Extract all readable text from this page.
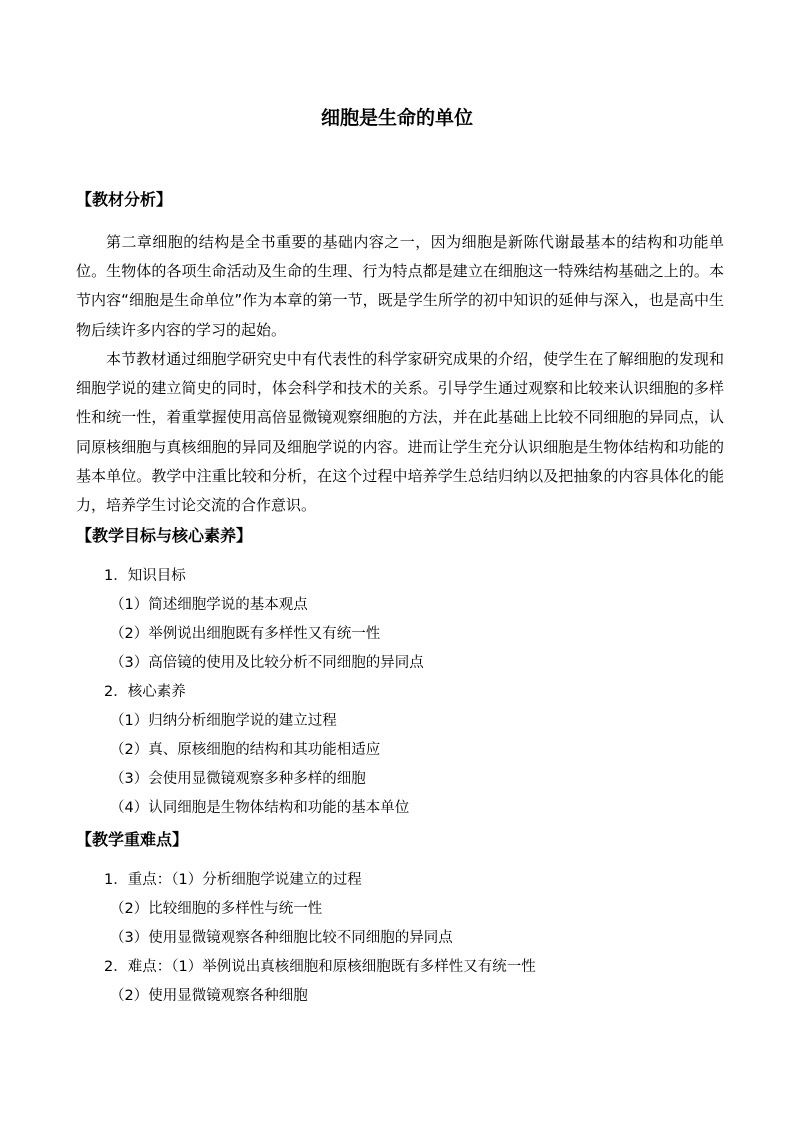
细胞是生命的单位
【教材分析】

第二章细胞的结构是全书重要的基础内容之一，因为细胞是新陈代谢最基本的结构和功能单位。生物体的各项生命活动及生命的生理、行为特点都是建立在细胞这一特殊结构基础之上的。本节内容“细胞是生命单位”作为本章的第一节，既是学生所学的初中知识的延伸与深入，也是高中生物后续许多内容的学习的起始。

本节教材通过细胞学研究史中有代表性的科学家研究成果的介绍，使学生在了解细胞的发现和细胞学说的建立简史的同时，体会科学和技术的关系。引导学生通过观察和比较来认识细胞的多样性和统一性，着重掌握使用高倍显微镜观察细胞的方法，并在此基础上比较不同细胞的异同点，认同原核细胞与真核细胞的异同及细胞学说的内容。进而让学生充分认识细胞是生物体结构和功能的基本单位。教学中注重比较和分析，在这个过程中培养学生总结归纳以及把抽象的内容具体化的能力，培养学生讨论交流的合作意识。

【教学目标与核心素养】
1．知识目标
（1）简述细胞学说的基本观点
（2）举例说出细胞既有多样性又有统一性
（3）高倍镜的使用及比较分析不同细胞的异同点
2．核心素养
（1）归纳分析细胞学说的建立过程
（2）真、原核细胞的结构和其功能相适应
（3）会使用显微镜观察多种多样的细胞
（4）认同细胞是生物体结构和功能的基本单位
【教学重难点】
1．重点：（1）分析细胞学说建立的过程
（2）比较细胞的多样性与统一性
（3）使用显微镜观察各种细胞比较不同细胞的异同点
2．难点：（1）举例说出真核细胞和原核细胞既有多样性又有统一性
（2）使用显微镜观察各种细胞
